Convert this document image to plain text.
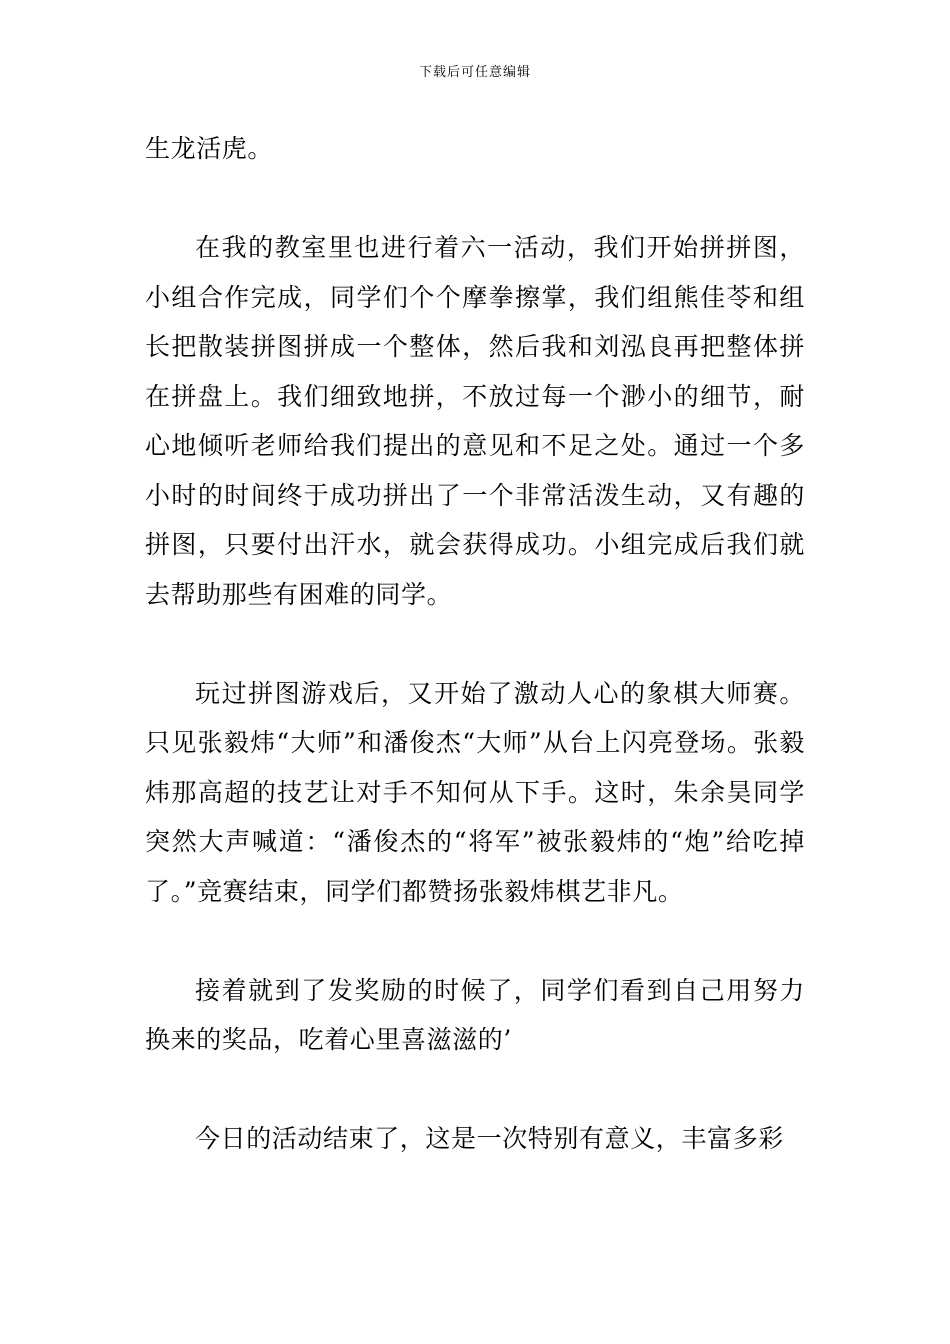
下载后可任意编辑

生龙活虎。

在我的教室里也进行着六一活动，我们开始拼拼图，小组合作完成，同学们个个摩拳擦掌，我们组熊佳苓和组长把散装拼图拼成一个整体，然后我和刘泓良再把整体拼在拼盘上。我们细致地拼，不放过每一个渺小的细节，耐心地倾听老师给我们提出的意见和不足之处。通过一个多小时的时间终于成功拼出了一个非常活泼生动，又有趣的拼图，只要付出汗水，就会获得成功。小组完成后我们就去帮助那些有困难的同学。

玩过拼图游戏后，又开始了激动人心的象棋大师赛。只见张毅炜“大师”和潘俊杰“大师”从台上闪亮登场。张毅炜那高超的技艺让对手不知何从下手。这时，朱余昊同学突然大声喊道：“潘俊杰的“将军”被张毅炜的“炮”给吃掉了。”竞赛结束，同学们都赞扬张毅炜棋艺非凡。

接着就到了发奖励的时候了，同学们看到自己用努力换来的奖品，吃着心里喜滋滋的’

今日的活动结束了，这是一次特别有意义，丰富多彩
